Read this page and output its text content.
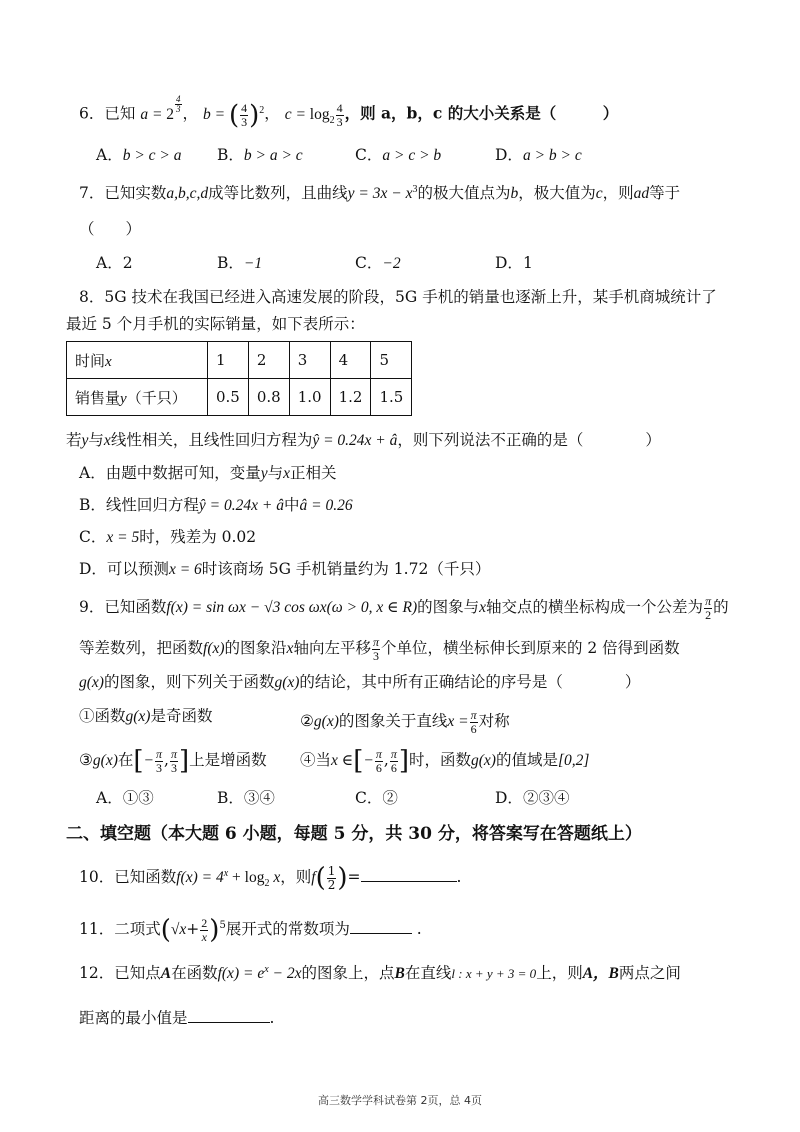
6．已知 $a = 2 \frac{4}{3}$ ， b = ( $\frac{4}{3} )^2$， $c = \log_2 \frac{4}{3}$ ，则 a，b，c 的大小关系是（　　　）
A．b > c > a B．b > a > c	C．a > c > b	D．a > b > c
7．已知实数a,b,c,d成等比数列，且曲线$y = 3x - x^3$的极大值点为b，极大值为c，则ad等于
（　　）
A．2	B．−1	C．−2	D．1
8．5G 技术在我国已经进入高速发展的阶段，5G 手机的销量也逐渐上升，某手机商城统计了
最近 5 个月手机的实际销量，如下表所示：
时间x	1	2	3	4	5
销售量y（千只）	0.5	0.8	1.0	1.2	1.5
若y与x线性相关，且线性回归方程为ŷ = 0.24x + â，则下列说法不正确的是（　　　　）
A．由题中数据可知，变量y与x正相关
B．线性回归方程ŷ = 0.24x + â中â = 0.26
C．x = 5时，残差为 0.02
D．可以预测x = 6时该商场 5G 手机销量约为 1.72（千只）
9．已知函数f(x) = sin ωx − √3 cos ωx(ω > 0, x ∈ R)的图象与x轴交点的横坐标构成一个公差为 $\frac{\pi}{2}$ 的
等差数列，把函数f(x)的图象沿x轴向左平移 $\frac{\pi}{3}$ 个单位，横坐标伸长到原来的 2 倍得到函数
g(x)的图象，则下列关于函数g(x)的结论，其中所有正确结论的序号是（　　　　）
①函数g(x)是奇函数	②g(x)的图象关于直线$x = \frac{\pi}{6}$ 对称
③g(x)在[− $\frac{\pi}{3}$ , $\frac{\pi}{3}$ ]上是增函数 ④当x ∈[− $\frac{\pi}{6}$ , $\frac{\pi}{6}$ ]时，函数g(x)的值域是[0,2]
A．①③	B．③④	C．②	D．②③④
二、填空题（本大题 6 小题，每题 5 分，共 30 分，将答案写在答题纸上）
10．已知函数$f(x) = 4^x + \log_2 x$，则$f( \frac{1}{2}$ )=	.
11．二项式$(√x+ \frac{2}{x} )^5$展开式的常数项为	.
12．已知点A在函数$f(x) = e^x - 2x$的图象上，点B在直线l : x + y + 3 = 0上，则A，B两点之间
距离的最小值是	.
高三数学学科试卷第 2页，总 4页
